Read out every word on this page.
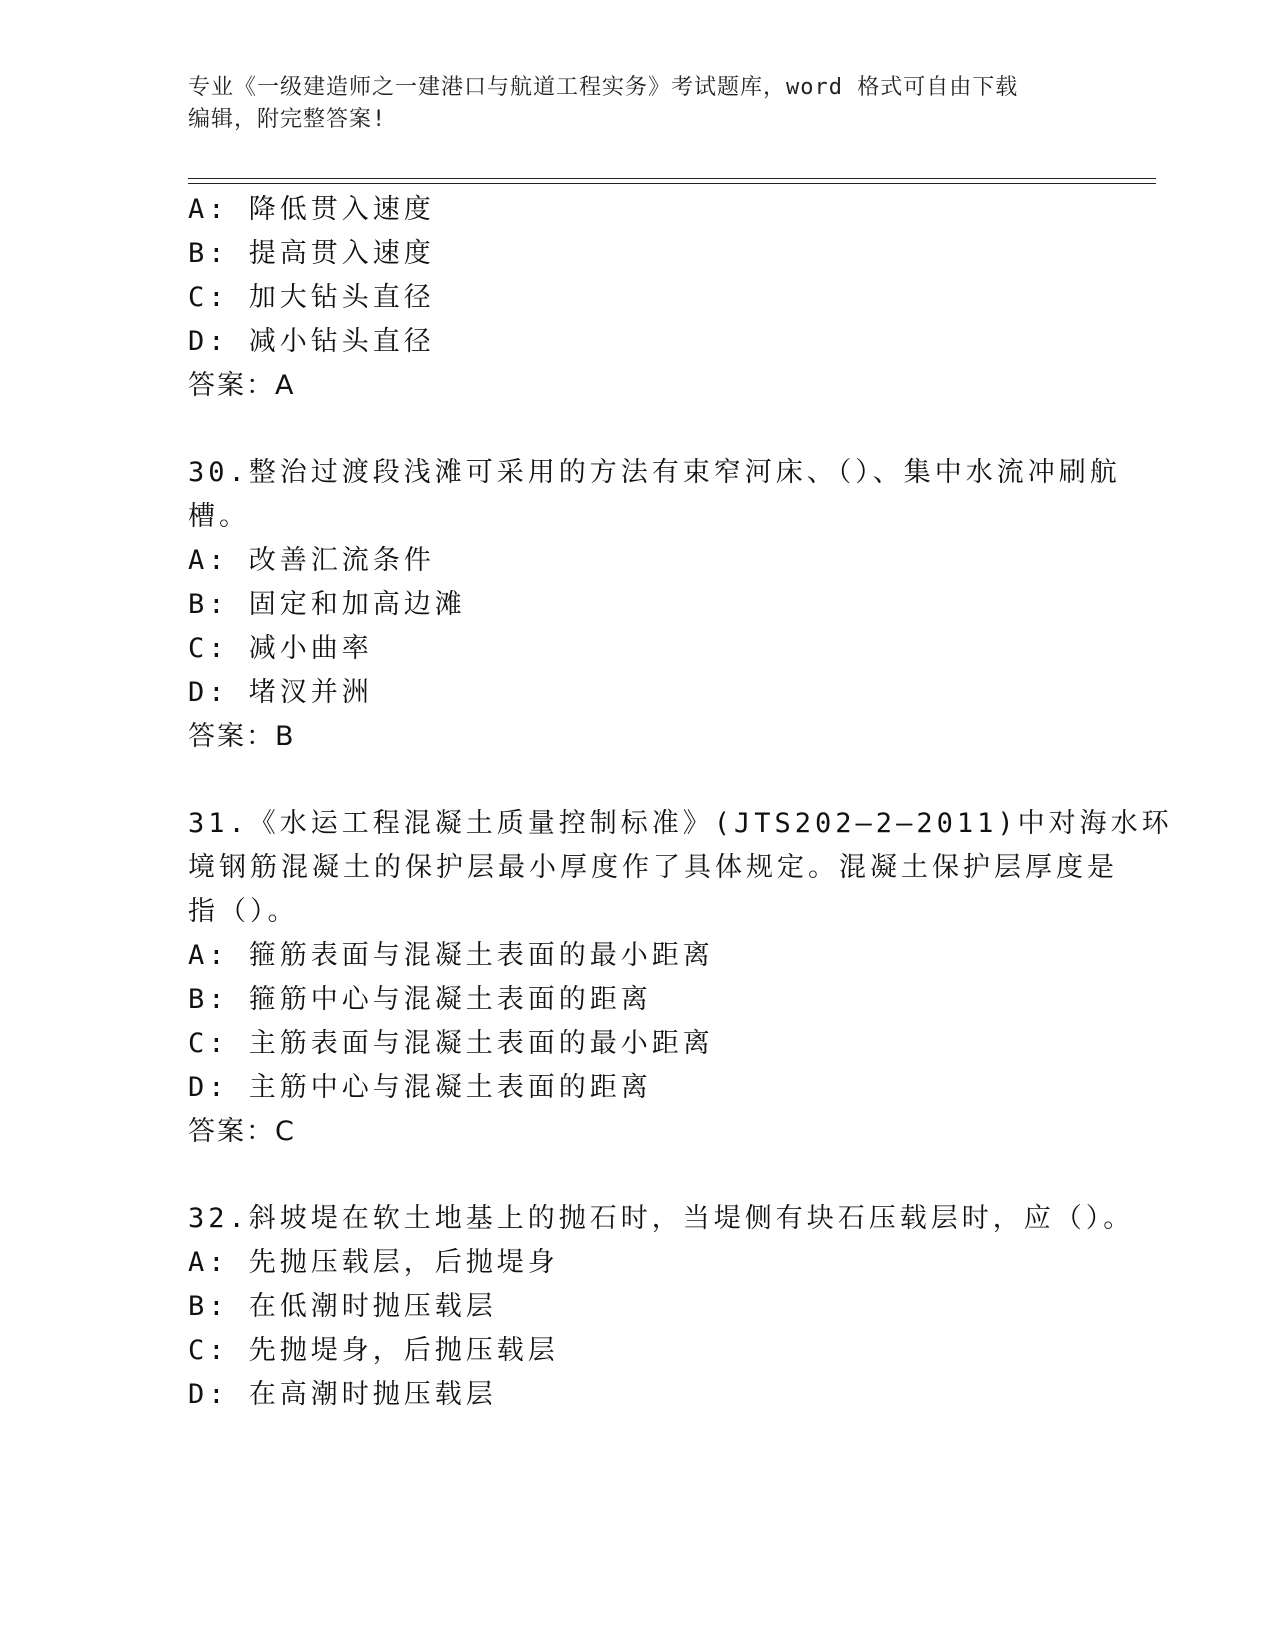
专业《一级建造师之一建港口与航道工程实务》考试题库，word 格式可自由下载
编辑，附完整答案!
A: 降低贯入速度
B: 提高贯入速度
C: 加大钻头直径
D: 减小钻头直径
答案：A
30.整治过渡段浅滩可采用的方法有束窄河床、（）、集中水流冲刷航
槽。
A: 改善汇流条件
B: 固定和加高边滩
C: 减小曲率
D: 堵汊并洲
答案：B
31.《水运工程混凝土质量控制标准》(JTS202—2—2011)中对海水环
境钢筋混凝土的保护层最小厚度作了具体规定。混凝土保护层厚度是
指（）。
A: 箍筋表面与混凝土表面的最小距离
B: 箍筋中心与混凝土表面的距离
C: 主筋表面与混凝土表面的最小距离
D: 主筋中心与混凝土表面的距离
答案：C
32.斜坡堤在软土地基上的抛石时，当堤侧有块石压载层时，应（）。
A: 先抛压载层，后抛堤身
B: 在低潮时抛压载层
C: 先抛堤身，后抛压载层
D: 在高潮时抛压载层
